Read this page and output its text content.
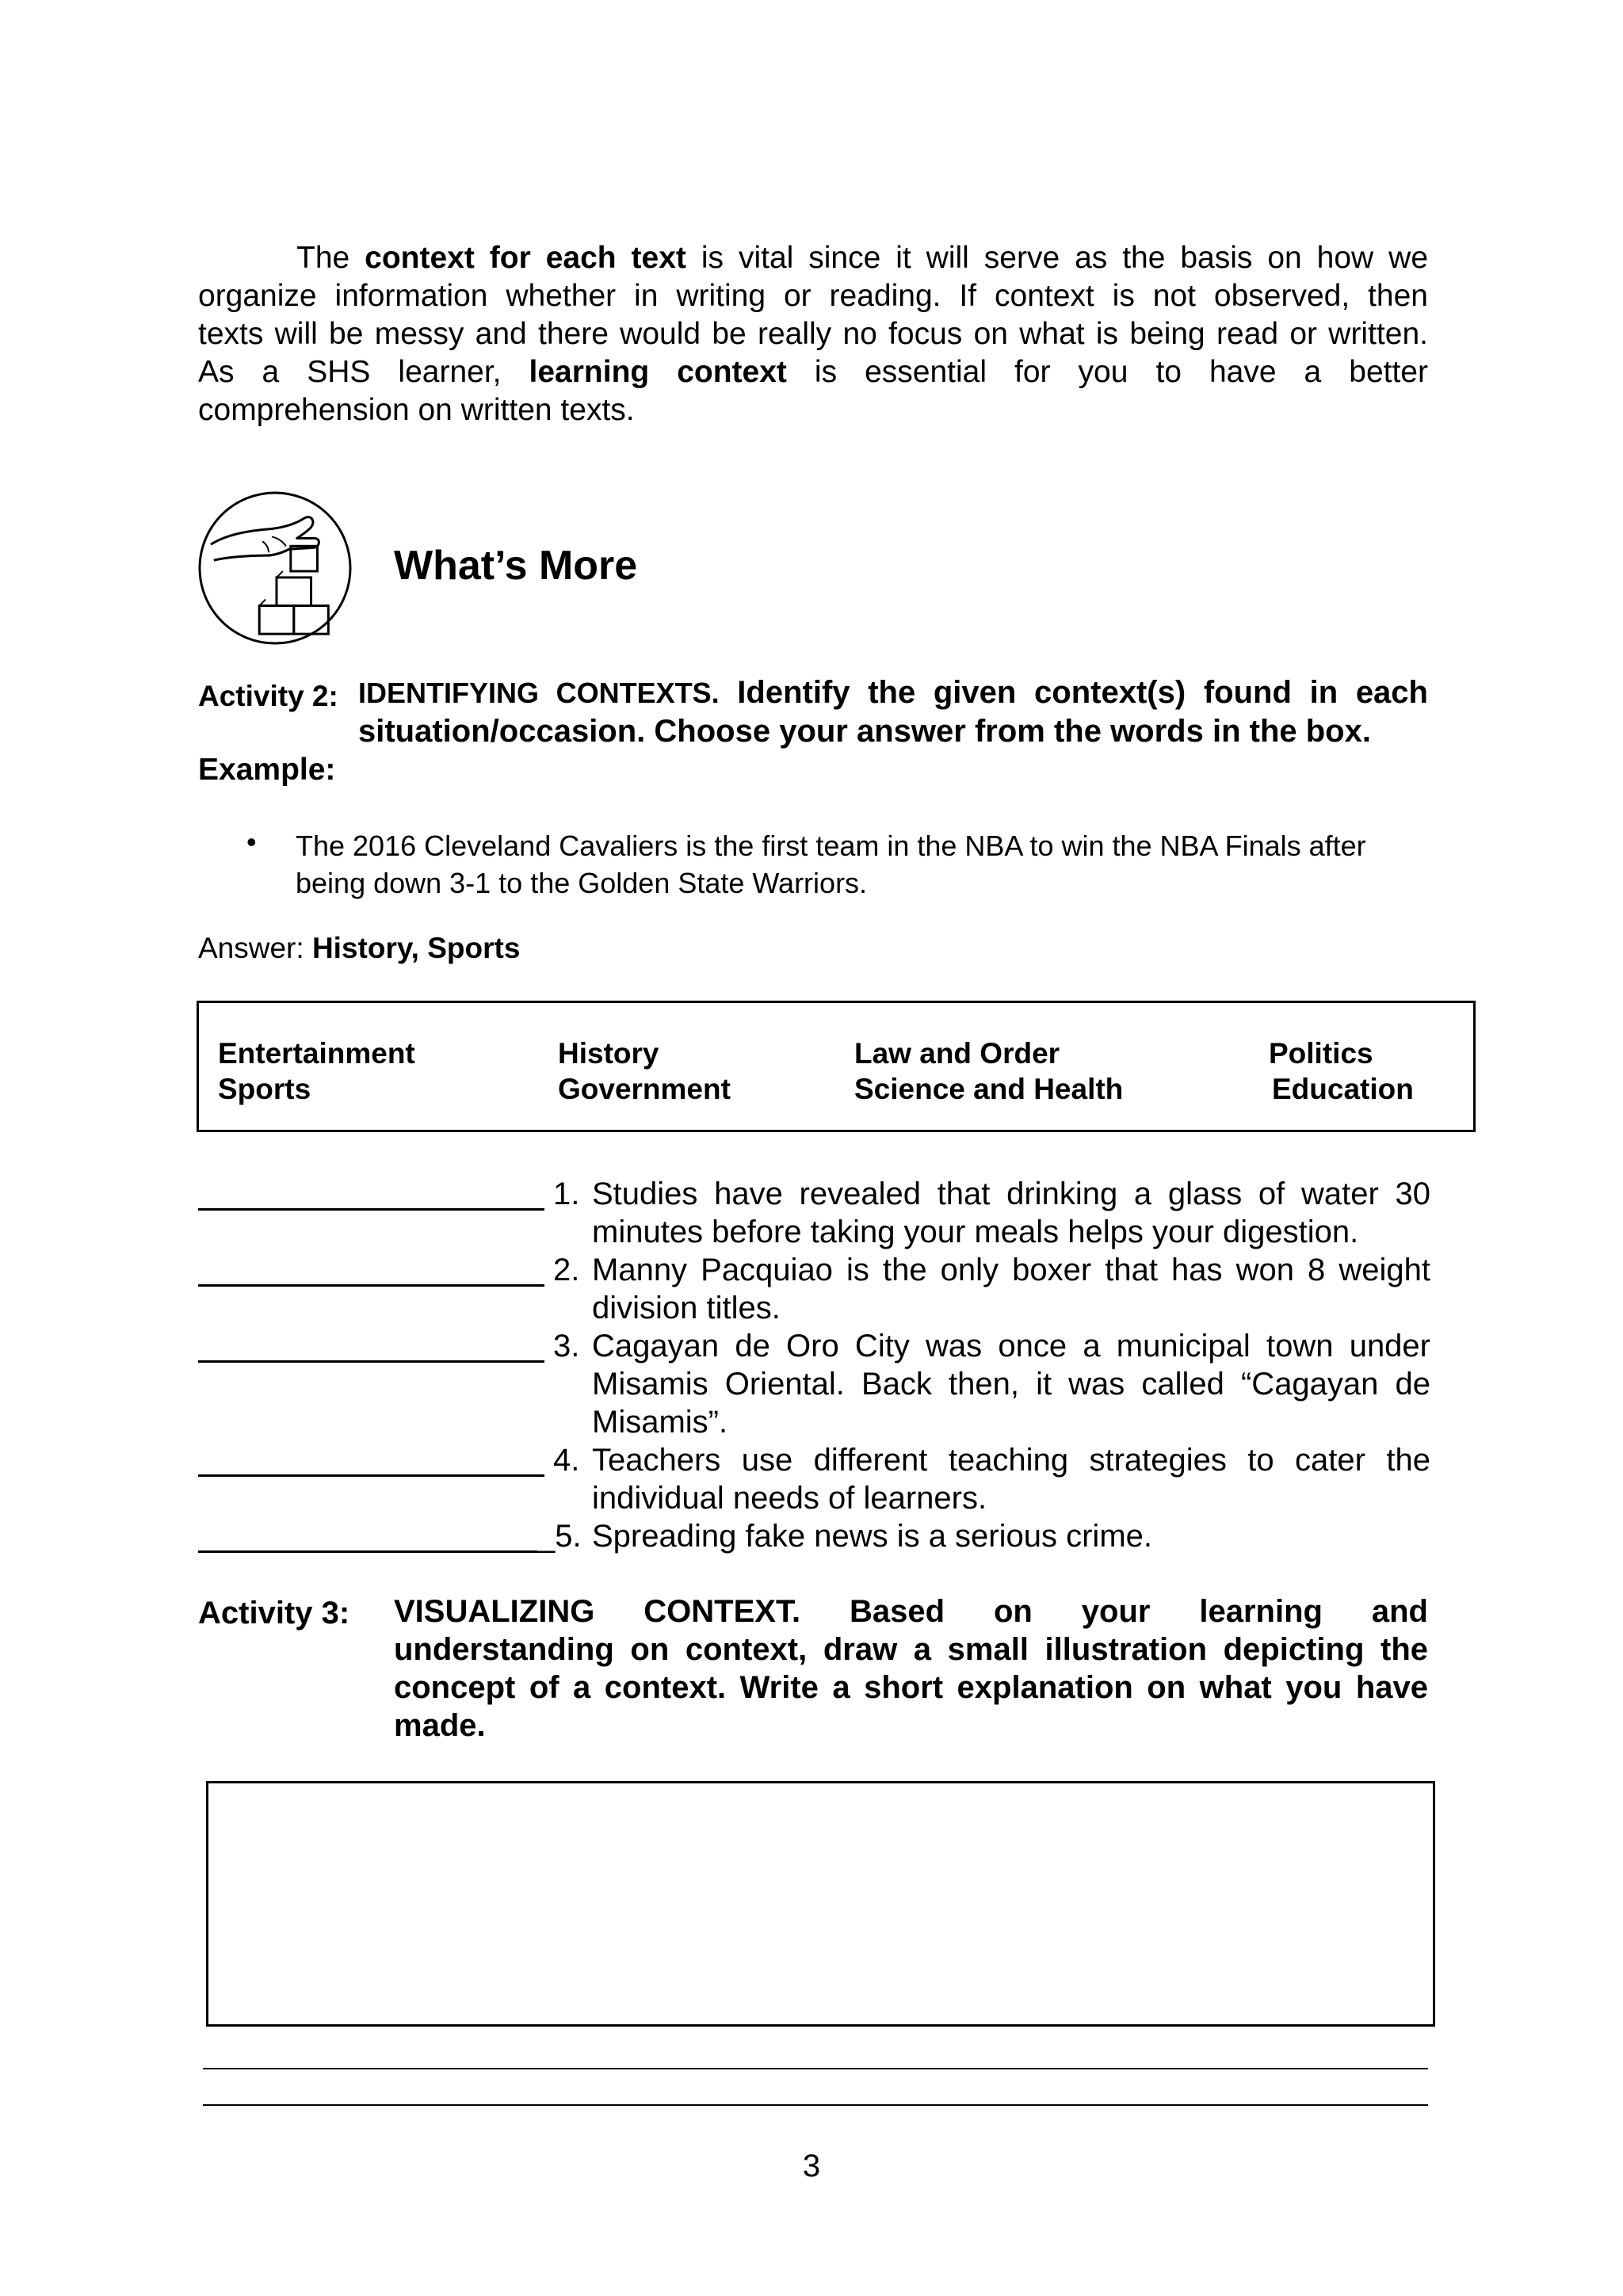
The context for each text is vital since it will serve as the basis on how we
organize information whether in writing or reading. If context is not observed, then
texts will be messy and there would be really no focus on what is being read or written.
As a SHS learner, learning context is essential for you to have a better
comprehension on written texts.
What’s More
Activity 2: IDENTIFYING CONTEXTS. Identify the given context(s) found in each
situation/occasion. Choose your answer from the words in the box.
Example:
• The 2016 Cleveland Cavaliers is the first team in the NBA to win the NBA Finals after
being down 3-1 to the Golden State Warriors.
Answer: History, Sports
Entertainment	History	Law and Order	Politics
Sports	Government	Science and Health	Education
1. Studies have revealed that drinking a glass of water 30
minutes before taking your meals helps your digestion.
2. Manny Pacquiao is the only boxer that has won 8 weight
division titles.
3. Cagayan de Oro City was once a municipal town under
Misamis Oriental. Back then, it was called “Cagayan de
Misamis”.
4. Teachers use different teaching strategies to cater the
individual needs of learners.
_5. Spreading fake news is a serious crime.
Activity 3: VISUALIZING CONTEXT. Based on your learning and
understanding on context, draw a small illustration depicting the
concept of a context. Write a short explanation on what you have
made.
3
